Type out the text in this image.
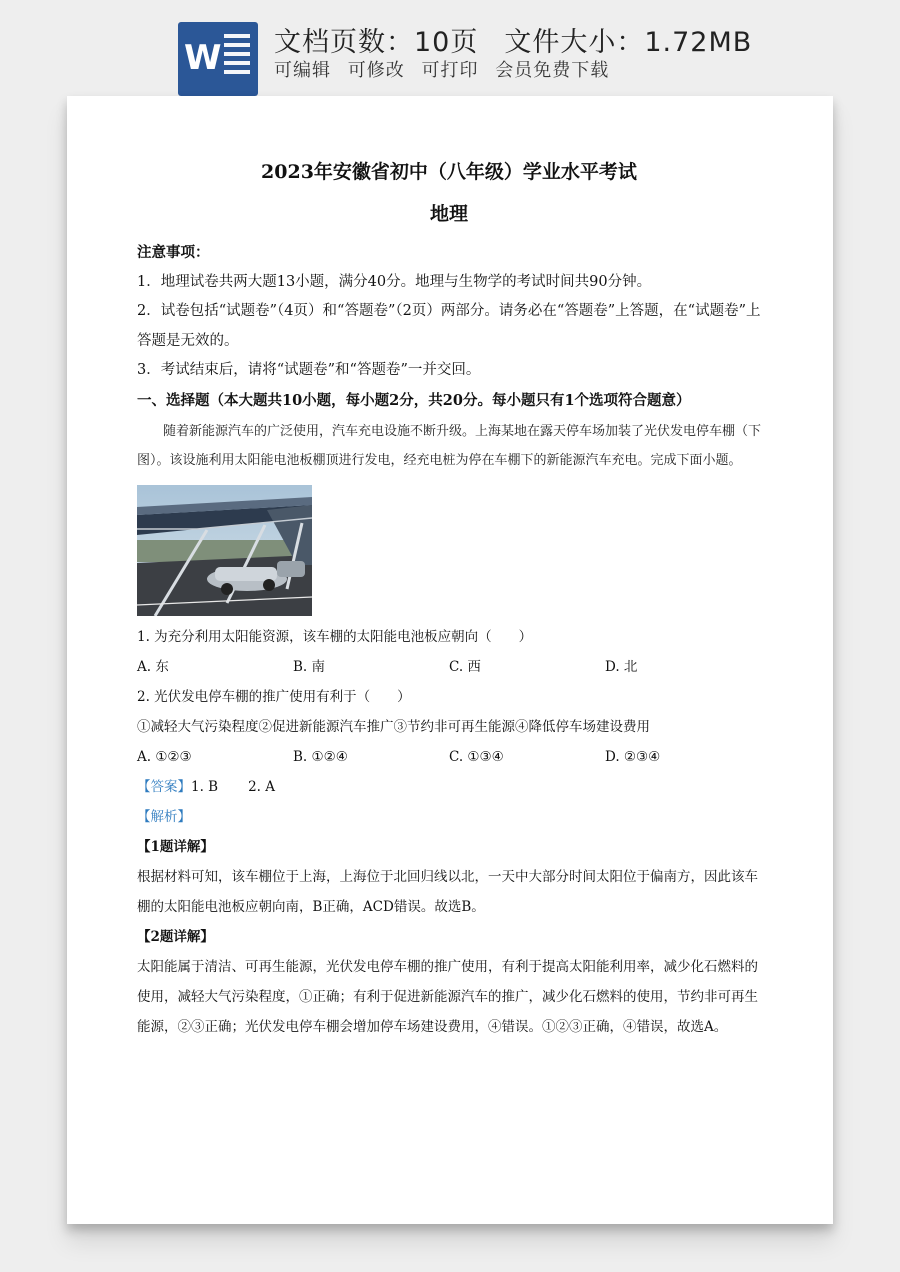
W 文档页数：10页 文件大小：1.72MB
可编辑 可修改 可打印 会员免费下载

2023年安徽省初中（八年级）学业水平考试

地理

注意事项：

1．地理试卷共两大题13小题，满分40分。地理与生物学的考试时间共90分钟。

2．试卷包括“试题卷”（4页）和“答题卷”（2页）两部分。请务必在“答题卷”上答题，在“试题卷”上答题是无效的。

3．考试结束后，请将“试题卷”和“答题卷”一并交回。

一、选择题（本大题共10小题，每小题2分，共20分。每小题只有1个选项符合题意）

随着新能源汽车的广泛使用，汽车充电设施不断升级。上海某地在露天停车场加装了光伏发电停车棚（下图）。该设施利用太阳能电池板棚顶进行发电，经充电桩为停在车棚下的新能源汽车充电。完成下面小题。

1. 为充分利用太阳能资源，该车棚的太阳能电池板应朝向（　　）

A. 东	B. 南	C. 西	D. 北

2. 光伏发电停车棚的推广使用有利于（　　）

①减轻大气污染程度②促进新能源汽车推广③节约非可再生能源④降低停车场建设费用

A. ①②③	B. ①②④	C. ①③④	D. ②③④

【答案】1. B 2. A

【解析】

【1题详解】

根据材料可知，该车棚位于上海，上海位于北回归线以北，一天中大部分时间太阳位于偏南方，因此该车棚的太阳能电池板应朝向南，B正确，ACD错误。故选B。

【2题详解】

太阳能属于清洁、可再生能源，光伏发电停车棚的推广使用，有利于提高太阳能利用率，减少化石燃料的使用，减轻大气污染程度，①正确；有利于促进新能源汽车的推广，减少化石燃料的使用，节约非可再生能源，②③正确；光伏发电停车棚会增加停车场建设费用，④错误。①②③正确，④错误，故选A。
